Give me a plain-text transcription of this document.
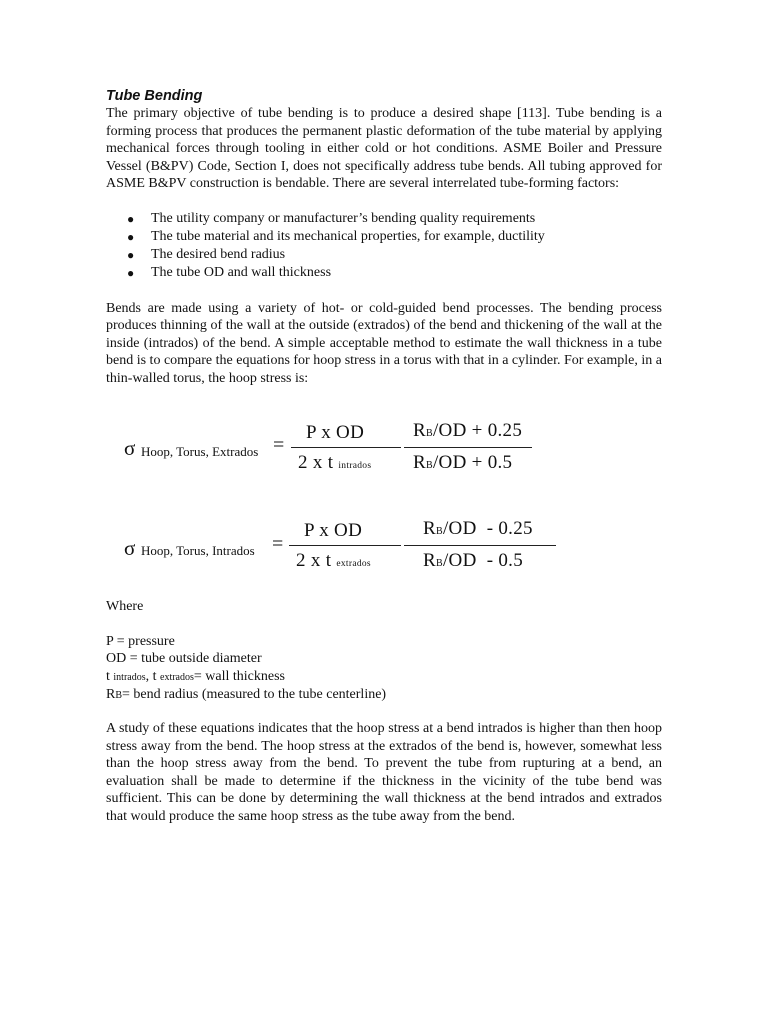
Tube Bending

The primary objective of tube bending is to produce a desired shape [113]. Tube bending is a forming process that produces the permanent plastic deformation of the tube material by applying mechanical forces through tooling in either cold or hot conditions. ASME Boiler and Pressure Vessel (B&PV) Code, Section I, does not specifically address tube bends. All tubing approved for ASME B&PV construction is bendable. There are several interrelated tube-forming factors:

● The utility company or manufacturer’s bending quality requirements
● The tube material and its mechanical properties, for example, ductility
● The desired bend radius
● The tube OD and wall thickness

Bends are made using a variety of hot- or cold-guided bend processes. The bending process produces thinning of the wall at the outside (extrados) of the bend and thickening of the wall at the inside (intrados) of the bend. A simple acceptable method to estimate the wall thickness in a tube bend is to compare the equations for hoop stress in a torus with that in a cylinder. For example, in a thin-walled torus, the hoop stress is:

σ Hoop, Torus, Extrados =
P x OD
2 x t intrados
RB/OD + 0.25
RB/OD + 0.5
σ Hoop, Torus, Intrados =
P x OD
2 x t extrados
RB/OD  - 0.25
RB/OD  - 0.5
Where
P = pressure
OD = tube outside diameter
t intrados, t extrados= wall thickness
RB= bend radius (measured to the tube centerline)

A study of these equations indicates that the hoop stress at a bend intrados is higher than then hoop stress away from the bend. The hoop stress at the extrados of the bend is, however, somewhat less than the hoop stress away from the bend. To prevent the tube from rupturing at a bend, an evaluation shall be made to determine if the thickness in the vicinity of the tube bend was sufficient. This can be done by determining the wall thickness at the bend intrados and extrados that would produce the same hoop stress as the tube away from the bend.
